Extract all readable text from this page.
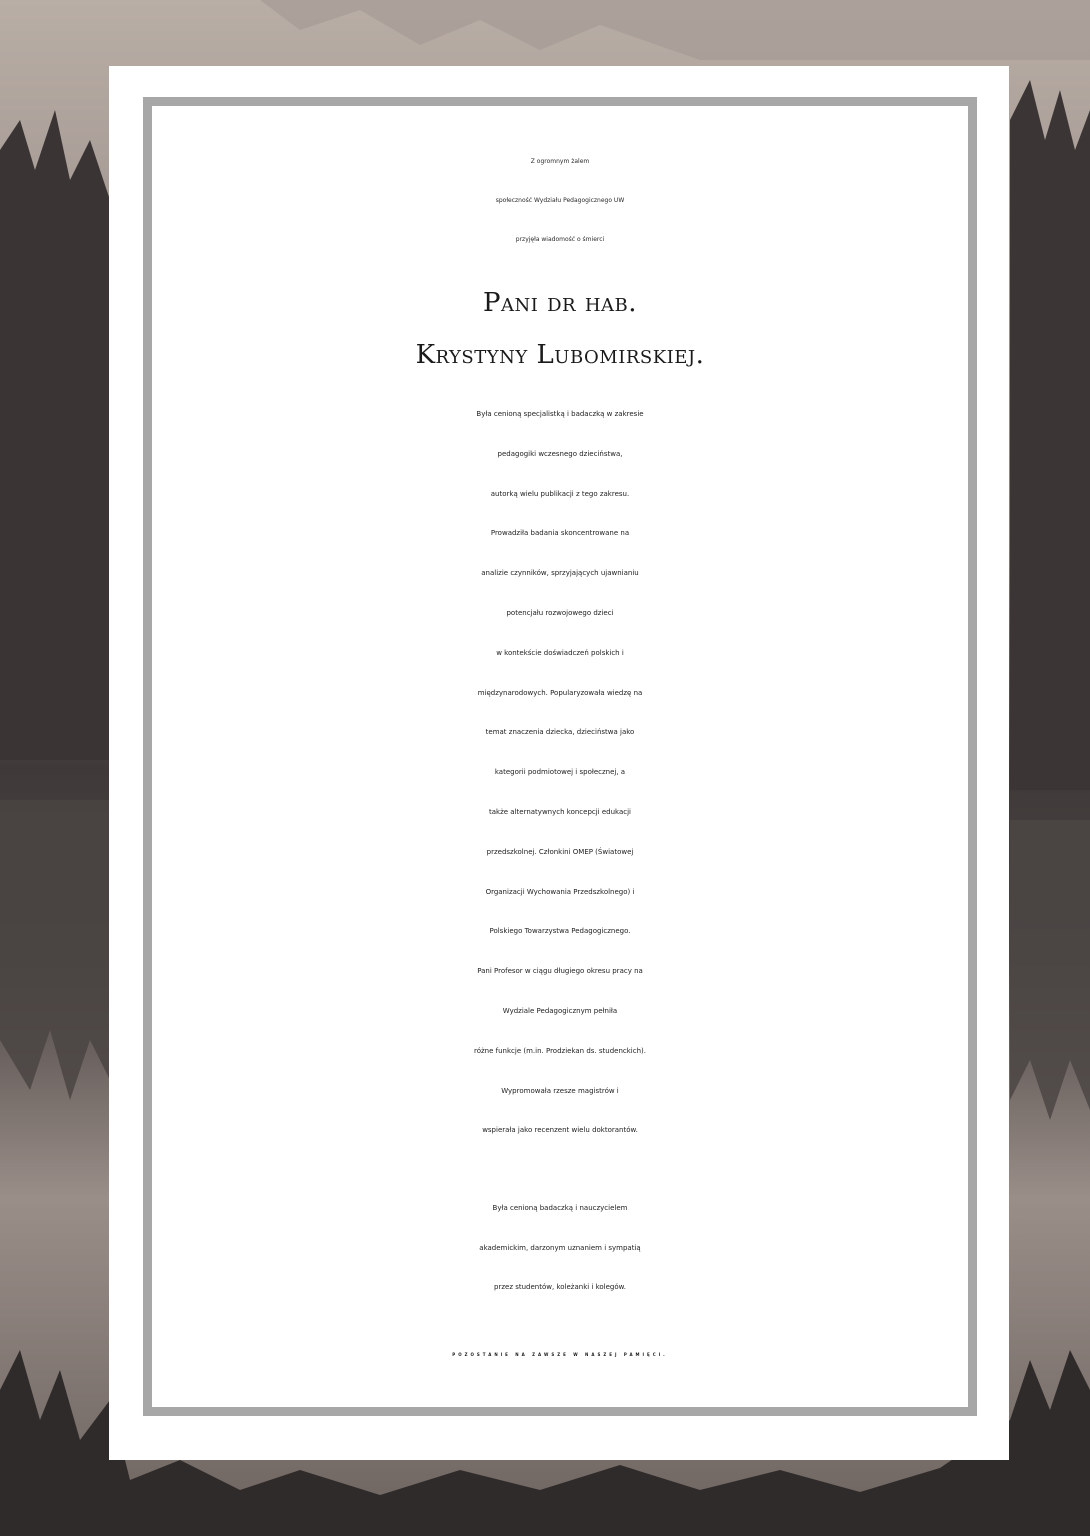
Z ogromnym żalem
społeczność Wydziału Pedagogicznego UW
przyjęła wiadomość o śmierci

Pani dr hab.
Krystyny Lubomirskiej.

Była cenioną specjalistką i badaczką w zakresie
pedagogiki wczesnego dzieciństwa,
autorką wielu publikacji z tego zakresu.
Prowadziła badania skoncentrowane na
analizie czynników, sprzyjających ujawnianiu
potencjału rozwojowego dzieci
w kontekście doświadczeń polskich i
międzynarodowych. Popularyzowała wiedzę na
temat znaczenia dziecka, dzieciństwa jako
kategorii podmiotowej i społecznej, a
także alternatywnych koncepcji edukacji
przedszkolnej. Członkini OMEP (Światowej
Organizacji Wychowania Przedszkolnego) i
Polskiego Towarzystwa Pedagogicznego.
Pani Profesor w ciągu długiego okresu pracy na
Wydziale Pedagogicznym pełniła
różne funkcje (m.in. Prodziekan ds. studenckich).
Wypromowała rzesze magistrów i
wspierała jako recenzent wielu doktorantów.

Była cenioną badaczką i nauczycielem
akademickim, darzonym uznaniem i sympatią
przez studentów, koleżanki i kolegów.

POZOSTANIE NA ZAWSZE W NASZEJ PAMIĘCI.
